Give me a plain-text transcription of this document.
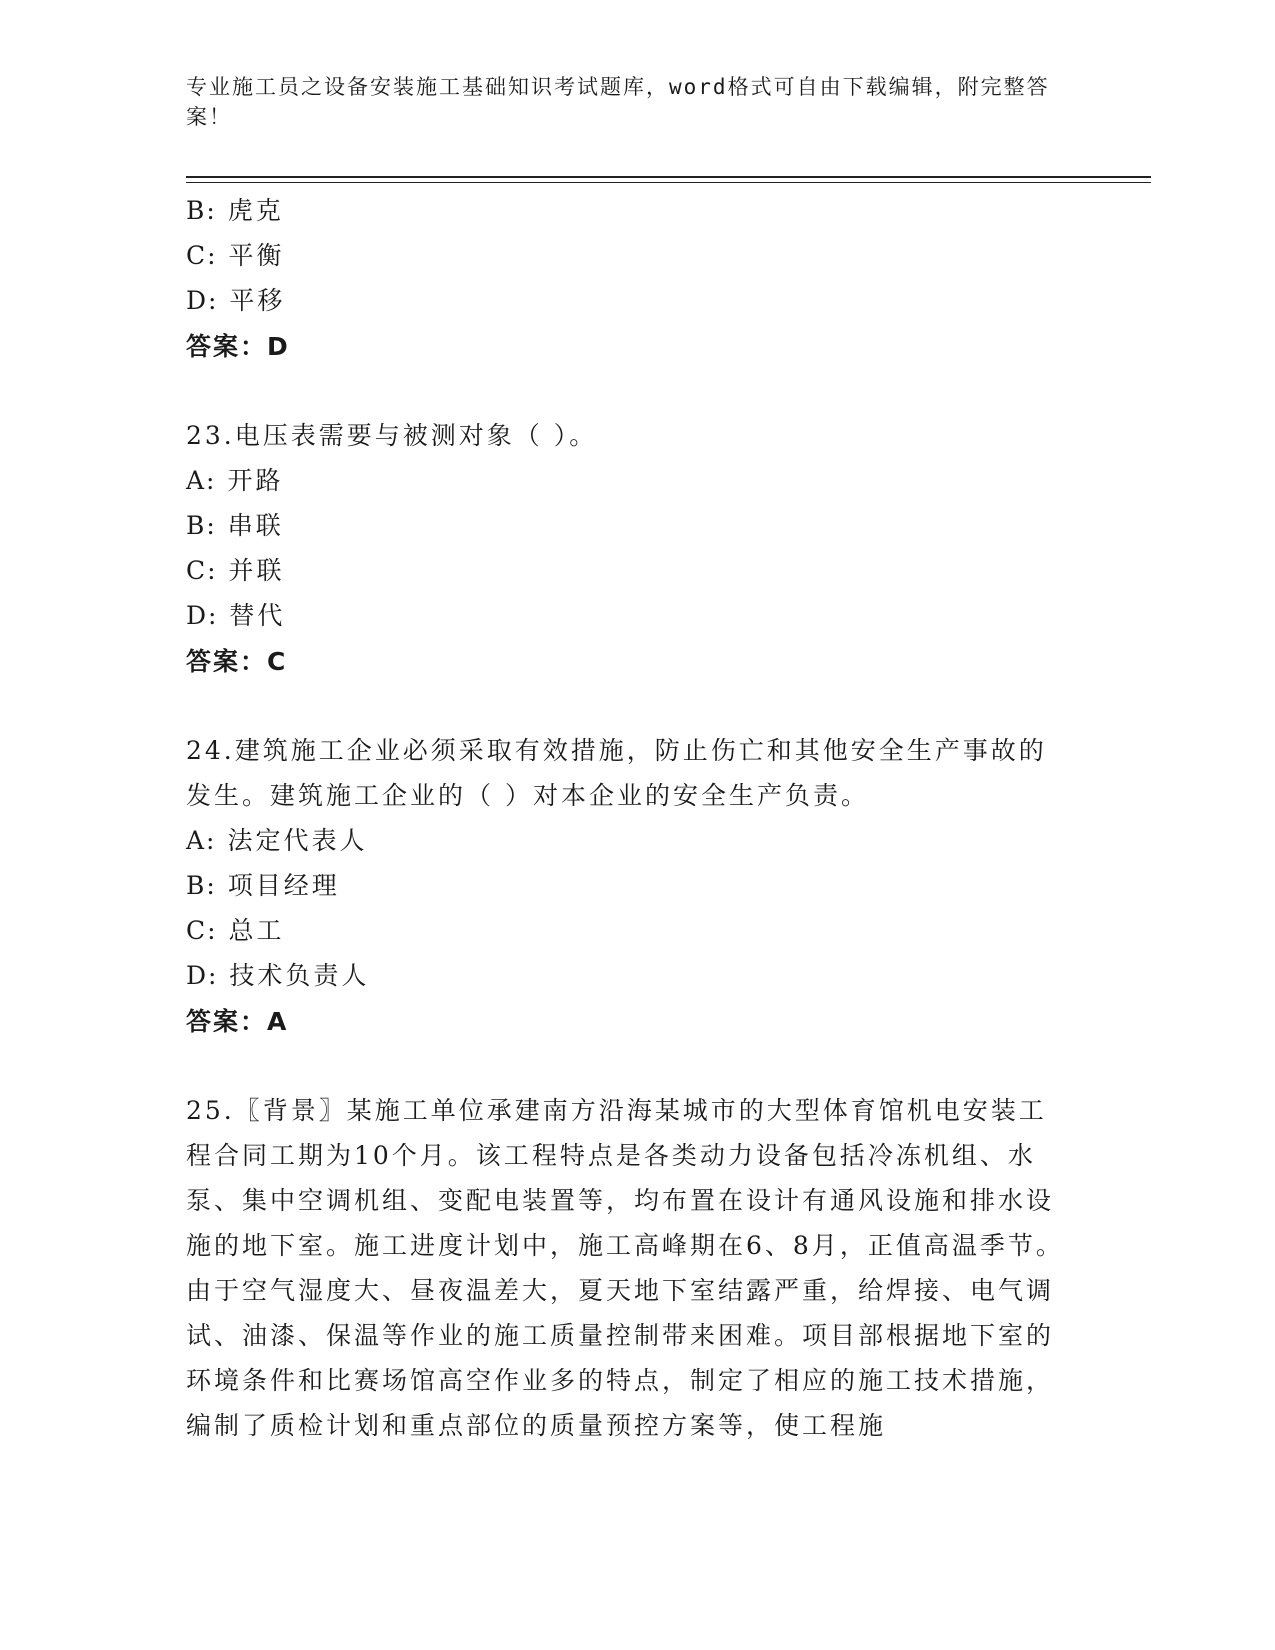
专业施工员之设备安装施工基础知识考试题库，word格式可自由下载编辑，附完整答案！
B: 虎克
C: 平衡
D: 平移
答案：D
23.电压表需要与被测对象（ ）。
A: 开路
B: 串联
C: 并联
D: 替代
答案：C
24.建筑施工企业必须采取有效措施，防止伤亡和其他安全生产事故的发生。建筑施工企业的（ ）对本企业的安全生产负责。
A: 法定代表人
B: 项目经理
C: 总工
D: 技术负责人
答案：A
25.〖背景〗某施工单位承建南方沿海某城市的大型体育馆机电安装工程合同工期为10个月。该工程特点是各类动力设备包括冷冻机组、水泵、集中空调机组、变配电装置等，均布置在设计有通风设施和排水设施的地下室。施工进度计划中，施工高峰期在6、8月，正值高温季节。由于空气湿度大、昼夜温差大，夏天地下室结露严重，给焊接、电气调试、油漆、保温等作业的施工质量控制带来困难。项目部根据地下室的环境条件和比赛场馆高空作业多的特点，制定了相应的施工技术措施，编制了质检计划和重点部位的质量预控方案等，使工程施
